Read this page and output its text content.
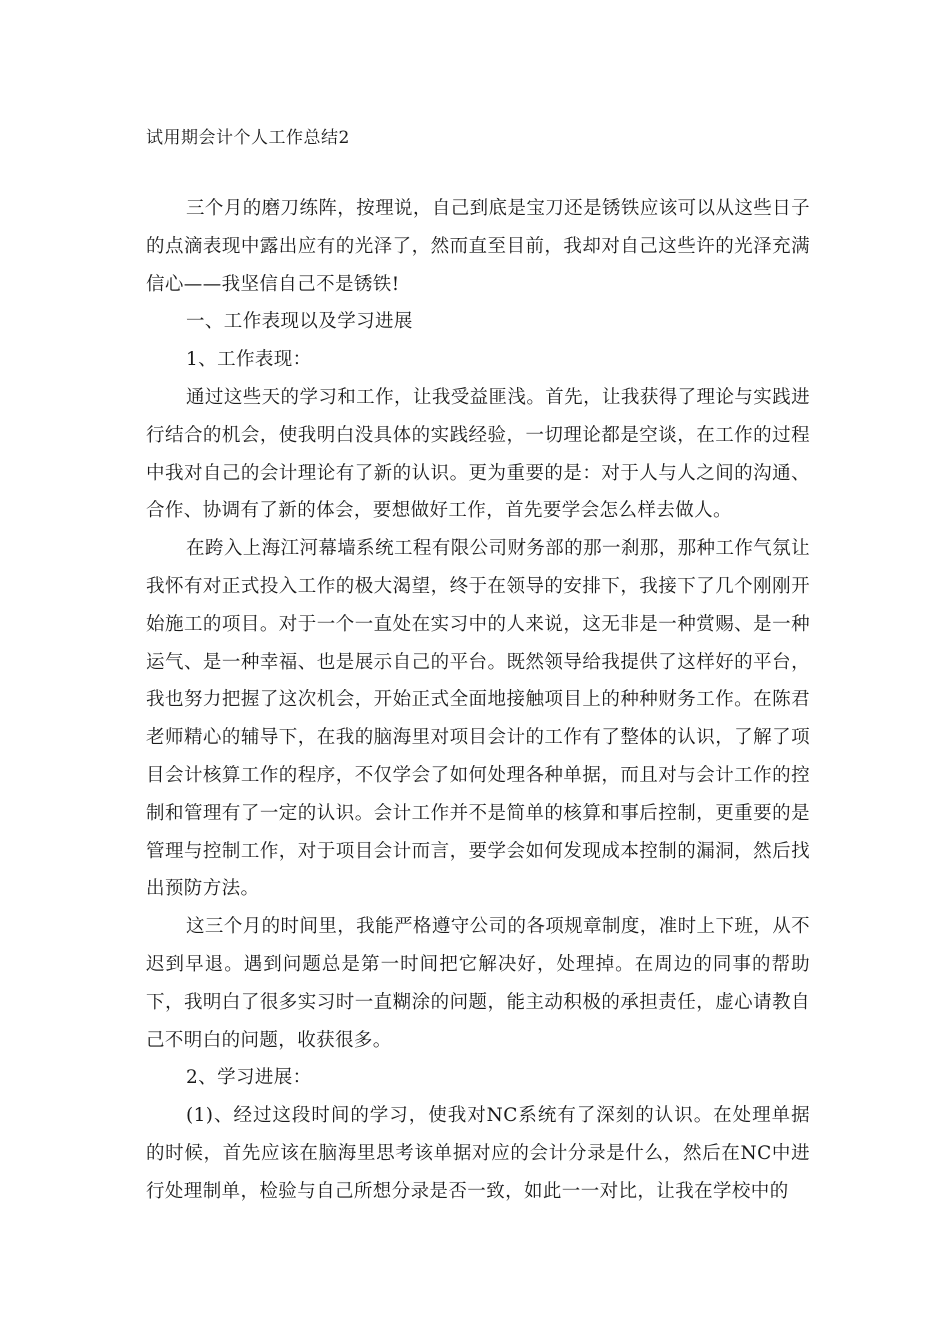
试用期会计个人工作总结2

三个月的磨刀练阵，按理说，自己到底是宝刀还是锈铁应该可以从这些日子的点滴表现中露出应有的光泽了，然而直至目前，我却对自己这些许的光泽充满信心——我坚信自己不是锈铁!

一、工作表现以及学习进展

1、工作表现：

通过这些天的学习和工作，让我受益匪浅。首先，让我获得了理论与实践进行结合的机会，使我明白没具体的实践经验，一切理论都是空谈，在工作的过程中我对自己的会计理论有了新的认识。更为重要的是：对于人与人之间的沟通、合作、协调有了新的体会，要想做好工作，首先要学会怎么样去做人。

在跨入上海江河幕墙系统工程有限公司财务部的那一刹那，那种工作气氛让我怀有对正式投入工作的极大渴望，终于在领导的安排下，我接下了几个刚刚开始施工的项目。对于一个一直处在实习中的人来说，这无非是一种赏赐、是一种运气、是一种幸福、也是展示自己的平台。既然领导给我提供了这样好的平台，我也努力把握了这次机会，开始正式全面地接触项目上的种种财务工作。在陈君老师精心的辅导下，在我的脑海里对项目会计的工作有了整体的认识，了解了项目会计核算工作的程序，不仅学会了如何处理各种单据，而且对与会计工作的控制和管理有了一定的认识。会计工作并不是简单的核算和事后控制，更重要的是管理与控制工作，对于项目会计而言，要学会如何发现成本控制的漏洞，然后找出预防方法。

这三个月的时间里，我能严格遵守公司的各项规章制度，准时上下班，从不迟到早退。遇到问题总是第一时间把它解决好，处理掉。在周边的同事的帮助下，我明白了很多实习时一直糊涂的问题，能主动积极的承担责任，虚心请教自己不明白的问题，收获很多。

2、学习进展：

(1)、经过这段时间的学习，使我对NC系统有了深刻的认识。在处理单据的时候，首先应该在脑海里思考该单据对应的会计分录是什么，然后在NC中进行处理制单，检验与自己所想分录是否一致，如此一一对比，让我在学校中的
